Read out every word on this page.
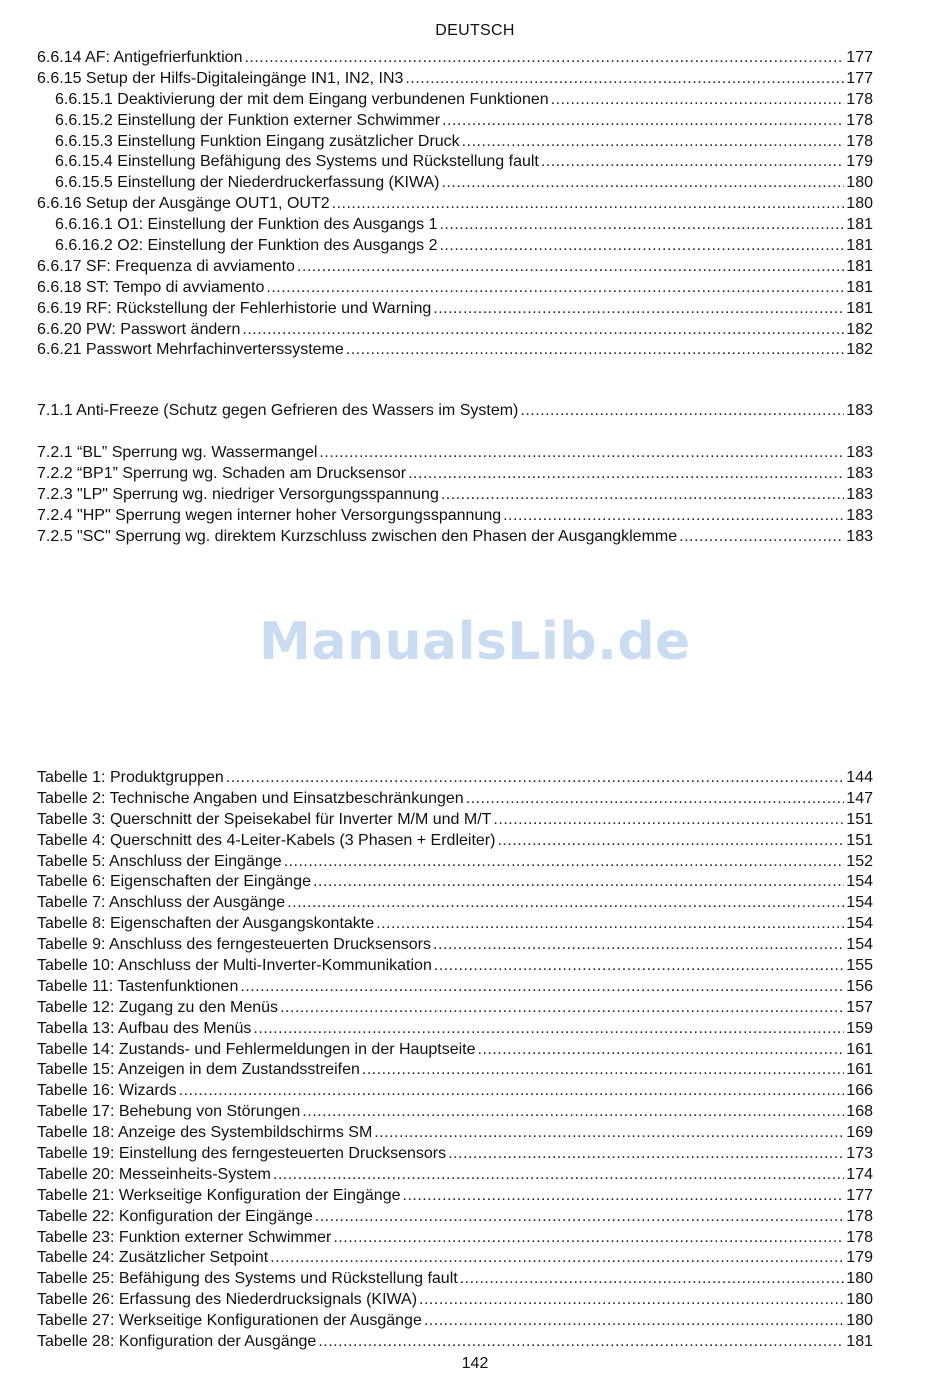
DEUTSCH
6.6.14 AF: Antigefrierfunktion .....	177
6.6.15 Setup der Hilfs-Digitaleingänge IN1, IN2, IN3 .....	177
6.6.15.1 Deaktivierung der mit dem Eingang verbundenen Funktionen .....	178
6.6.15.2 Einstellung der Funktion externer Schwimmer .....	178
6.6.15.3 Einstellung Funktion Eingang zusätzlicher Druck .....	178
6.6.15.4 Einstellung Befähigung des Systems und Rückstellung fault .....	179
6.6.15.5 Einstellung der Niederdruckerfassung (KIWA) .....	180
6.6.16 Setup der Ausgänge OUT1, OUT2 .....	180
6.6.16.1 O1: Einstellung der Funktion des Ausgangs 1 .....	181
6.6.16.2 O2: Einstellung der Funktion des Ausgangs 2 .....	181
6.6.17 SF: Frequenza di avviamento .....	181
6.6.18 ST: Tempo di avviamento .....	181
6.6.19 RF: Rückstellung der Fehlerhistorie und Warning .....	181
6.6.20 PW: Passwort ändern .....	182
6.6.21 Passwort Mehrfachinverterssysteme .....	182
7.1.1 Anti-Freeze (Schutz gegen Gefrieren des Wassers im System) .....	183
7.2.1 “BL” Sperrung wg. Wassermangel .....	183
7.2.2 “BP1” Sperrung wg. Schaden am Drucksensor .....	183
7.2.3 "LP" Sperrung wg. niedriger Versorgungsspannung .....	183
7.2.4 "HP" Sperrung wegen interner hoher Versorgungsspannung .....	183
7.2.5 "SC" Sperrung wg. direktem Kurzschluss zwischen den Phasen der Ausgangklemme .....	183
ManualsLib.de
Tabelle 1: Produktgruppen .....	144
Tabelle 2: Technische Angaben und Einsatzbeschränkungen .....	147
Tabelle 3: Querschnitt der Speisekabel für Inverter M/M und M/T .....	151
Tabelle 4: Querschnitt des 4-Leiter-Kabels (3 Phasen + Erdleiter) .....	151
Tabelle 5: Anschluss der Eingänge .....	152
Tabelle 6: Eigenschaften der Eingänge .....	154
Tabelle 7: Anschluss der Ausgänge .....	154
Tabelle 8: Eigenschaften der Ausgangskontakte .....	154
Tabelle 9: Anschluss des ferngesteuerten Drucksensors .....	154
Tabelle 10: Anschluss der Multi-Inverter-Kommunikation .....	155
Tabelle 11: Tastenfunktionen .....	156
Tabelle 12: Zugang zu den Menüs .....	157
Tabella 13: Aufbau des Menüs .....	159
Tabelle 14: Zustands- und Fehlermeldungen in der Hauptseite .....	161
Tabelle 15: Anzeigen in dem Zustandsstreifen .....	161
Tabelle 16: Wizards .....	166
Tabelle 17: Behebung von Störungen .....	168
Tabelle 18: Anzeige des Systembildschirms SM .....	169
Tabelle 19: Einstellung des ferngesteuerten Drucksensors .....	173
Tabelle 20: Messeinheits-System .....	174
Tabelle 21: Werkseitige Konfiguration der Eingänge .....	177
Tabelle 22: Konfiguration der Eingänge .....	178
Tabelle 23: Funktion externer Schwimmer .....	178
Tabelle 24: Zusätzlicher Setpoint .....	179
Tabelle 25: Befähigung des Systems und Rückstellung fault .....	180
Tabelle 26: Erfassung des Niederdrucksignals (KIWA) .....	180
Tabelle 27: Werkseitige Konfigurationen der Ausgänge .....	180
Tabelle 28: Konfiguration der Ausgänge .....	181
142
